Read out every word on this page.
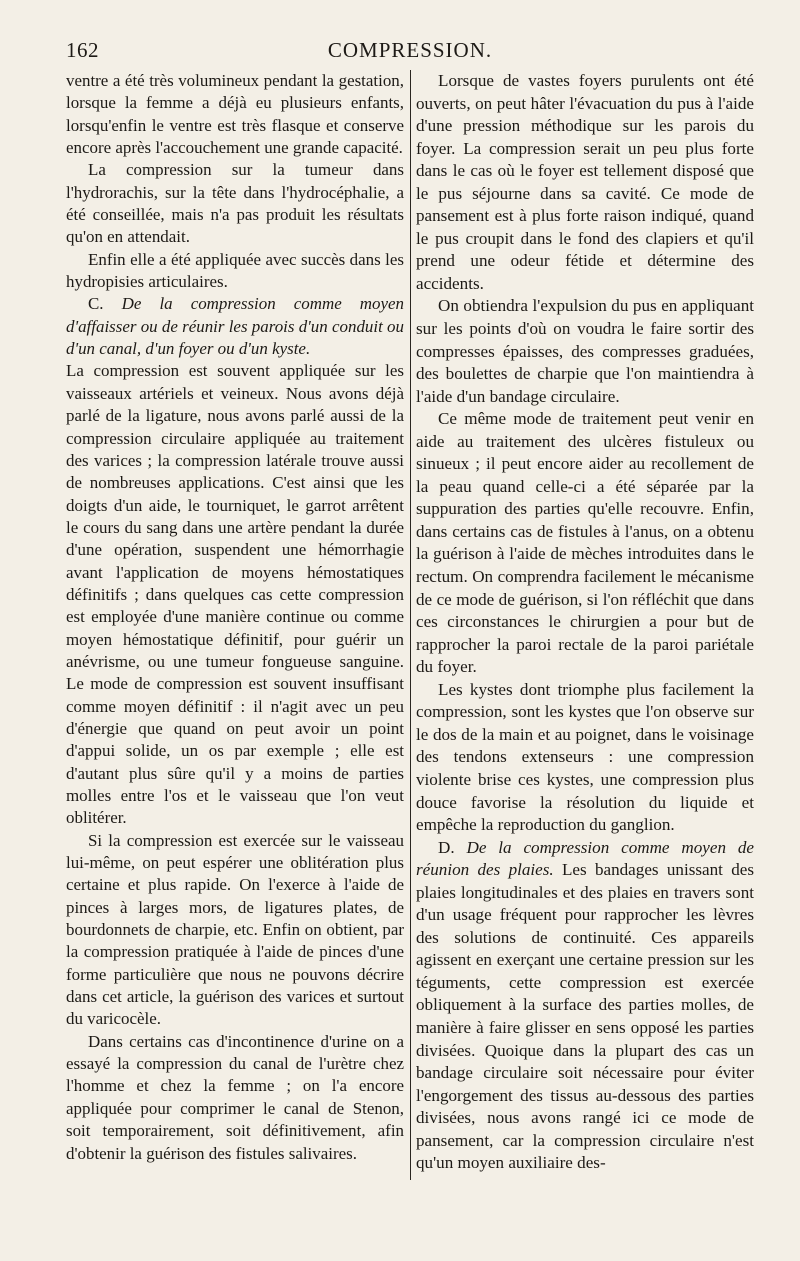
162	COMPRESSION.

ventre a été très volumineux pendant la gestation, lorsque la femme a déjà eu plusieurs enfants, lorsqu'enfin le ventre est très flasque et conserve encore après l'accouchement une grande capacité.

La compression sur la tumeur dans l'hydrorachis, sur la tête dans l'hydrocéphalie, a été conseillée, mais n'a pas produit les résultats qu'on en attendait.

Enfin elle a été appliquée avec succès dans les hydropisies articulaires.

C. De la compression comme moyen d'affaisser ou de réunir les parois d'un conduit ou d'un canal, d'un foyer ou d'un kyste.

La compression est souvent appliquée sur les vaisseaux artériels et veineux. Nous avons déjà parlé de la ligature, nous avons parlé aussi de la compression circulaire appliquée au traitement des varices ; la compression latérale trouve aussi de nombreuses applications. C'est ainsi que les doigts d'un aide, le tourniquet, le garrot arrêtent le cours du sang dans une artère pendant la durée d'une opération, suspendent une hémorrhagie avant l'application de moyens hémostatiques définitifs ; dans quelques cas cette compression est employée d'une manière continue ou comme moyen hémostatique définitif, pour guérir un anévrisme, ou une tumeur fongueuse sanguine. Le mode de compression est souvent insuffisant comme moyen définitif : il n'agit avec un peu d'énergie que quand on peut avoir un point d'appui solide, un os par exemple ; elle est d'autant plus sûre qu'il y a moins de parties molles entre l'os et le vaisseau que l'on veut oblitérer.

Si la compression est exercée sur le vaisseau lui-même, on peut espérer une oblitération plus certaine et plus rapide. On l'exerce à l'aide de pinces à larges mors, de ligatures plates, de bourdonnets de charpie, etc. Enfin on obtient, par la compression pratiquée à l'aide de pinces d'une forme particulière que nous ne pouvons décrire dans cet article, la guérison des varices et surtout du varicocèle.

Dans certains cas d'incontinence d'urine on a essayé la compression du canal de l'urètre chez l'homme et chez la femme ; on l'a encore appliquée pour comprimer le canal de Stenon, soit temporairement, soit définitivement, afin d'obtenir la guérison des fistules salivaires.

Lorsque de vastes foyers purulents ont été ouverts, on peut hâter l'évacuation du pus à l'aide d'une pression méthodique sur les parois du foyer. La compression serait un peu plus forte dans le cas où le foyer est tellement disposé que le pus séjourne dans sa cavité. Ce mode de pansement est à plus forte raison indiqué, quand le pus croupit dans le fond des clapiers et qu'il prend une odeur fétide et détermine des accidents.

On obtiendra l'expulsion du pus en appliquant sur les points d'où on voudra le faire sortir des compresses épaisses, des compresses graduées, des boulettes de charpie que l'on maintiendra à l'aide d'un bandage circulaire.

Ce même mode de traitement peut venir en aide au traitement des ulcères fistuleux ou sinueux ; il peut encore aider au recollement de la peau quand celle-ci a été séparée par la suppuration des parties qu'elle recouvre. Enfin, dans certains cas de fistules à l'anus, on a obtenu la guérison à l'aide de mèches introduites dans le rectum. On comprendra facilement le mécanisme de ce mode de guérison, si l'on réfléchit que dans ces circonstances le chirurgien a pour but de rapprocher la paroi rectale de la paroi pariétale du foyer.

Les kystes dont triomphe plus facilement la compression, sont les kystes que l'on observe sur le dos de la main et au poignet, dans le voisinage des tendons extenseurs : une compression violente brise ces kystes, une compression plus douce favorise la résolution du liquide et empêche la reproduction du ganglion.

D. De la compression comme moyen de réunion des plaies. Les bandages unissant des plaies longitudinales et des plaies en travers sont d'un usage fréquent pour rapprocher les lèvres des solutions de continuité. Ces appareils agissent en exerçant une certaine pression sur les téguments, cette compression est exercée obliquement à la surface des parties molles, de manière à faire glisser en sens opposé les parties divisées. Quoique dans la plupart des cas un bandage circulaire soit nécessaire pour éviter l'engorgement des tissus au-dessous des parties divisées, nous avons rangé ici ce mode de pansement, car la compression circulaire n'est qu'un moyen auxiliaire des-
